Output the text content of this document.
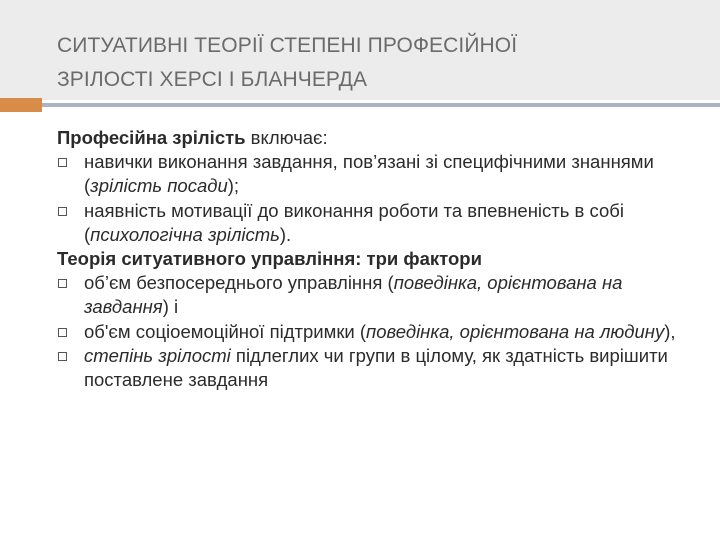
СИТУАТИВНІ ТЕОРІЇ СТЕПЕНІ ПРОФЕСІЙНОЇ
ЗРІЛОСТІ ХЕРСІ І БЛАНЧЕРДА

Професійна зрілість включає:

навички виконання завдання, пов’язані зі специфічними знаннями (зрілість посади);
наявність мотивації до виконання роботи та впевненість в собі (психологічна зрілість).

Теорія ситуативного управління: три фактори

об’єм безпосереднього управління (поведінка, орієнтована на завдання) і
об'єм соціоемоційної підтримки (поведінка, орієнтована на людину),
степінь зрілості підлеглих чи групи в цілому, як здатність вирішити поставлене завдання
